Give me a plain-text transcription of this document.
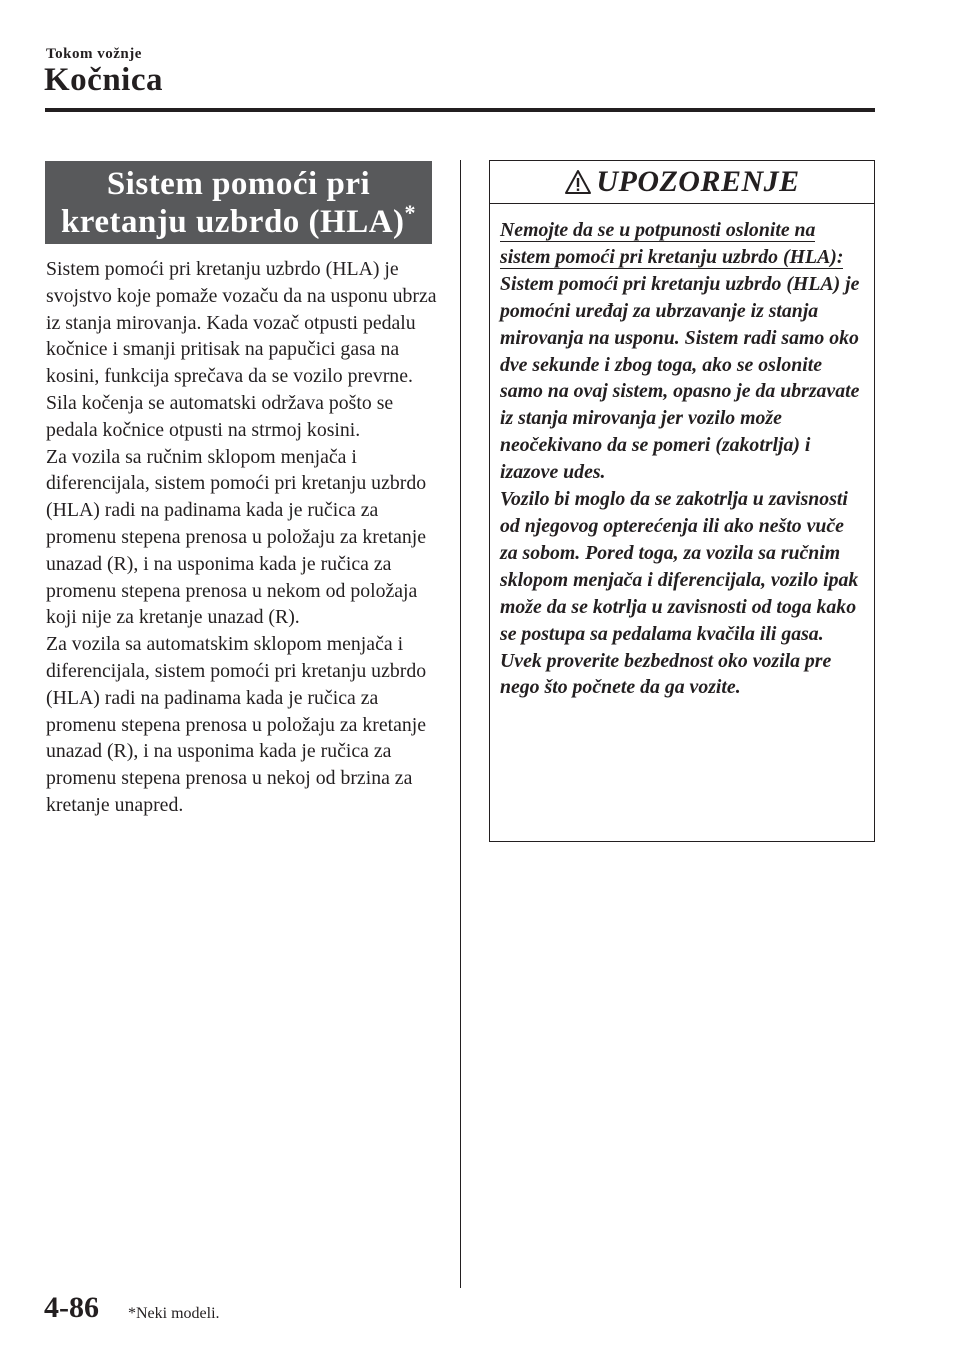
Tokom vožnje
Kočnica
Sistem pomoći pri
kretanju uzbrdo (HLA)*

Sistem pomoći pri kretanju uzbrdo (HLA) je svojstvo koje pomaže vozaču da na usponu ubrza iz stanja mirovanja. Kada vozač otpusti pedalu kočnice i smanji pritisak na papučici gasa na kosini, funkcija sprečava da se vozilo prevrne. Sila kočenja se automatski održava pošto se pedala kočnice otpusti na strmoj kosini.

Za vozila sa ručnim sklopom menjača i diferencijala, sistem pomoći pri kretanju uzbrdo (HLA) radi na padinama kada je ručica za promenu stepena prenosa u položaju za kretanje unazad (R), i na usponima kada je ručica za promenu stepena prenosa u nekom od položaja koji nije za kretanje unazad (R).

Za vozila sa automatskim sklopom menjača i diferencijala, sistem pomoći pri kretanju uzbrdo (HLA) radi na padinama kada je ručica za promenu stepena prenosa u položaju za kretanje unazad (R), i na usponima kada je ručica za promenu stepena prenosa u nekoj od brzina za kretanje unapred.

UPOZORENJE

Nemojte da se u potpunosti oslonite na sistem pomoći pri kretanju uzbrdo (HLA):

Sistem pomoći pri kretanju uzbrdo (HLA) je pomoćni uređaj za ubrzavanje iz stanja mirovanja na usponu. Sistem radi samo oko dve sekunde i zbog toga, ako se oslonite samo na ovaj sistem, opasno je da ubrzavate iz stanja mirovanja jer vozilo može neočekivano da se pomeri (zakotrlja) i izazove udes.

Vozilo bi moglo da se zakotrlja u zavisnosti od njegovog opterećenja ili ako nešto vuče za sobom. Pored toga, za vozila sa ručnim sklopom menjača i diferencijala, vozilo ipak može da se kotrlja u zavisnosti od toga kako se postupa sa pedalama kvačila ili gasa.

Uvek proverite bezbednost oko vozila pre nego što počnete da ga vozite.

4-86 *Neki modeli.
